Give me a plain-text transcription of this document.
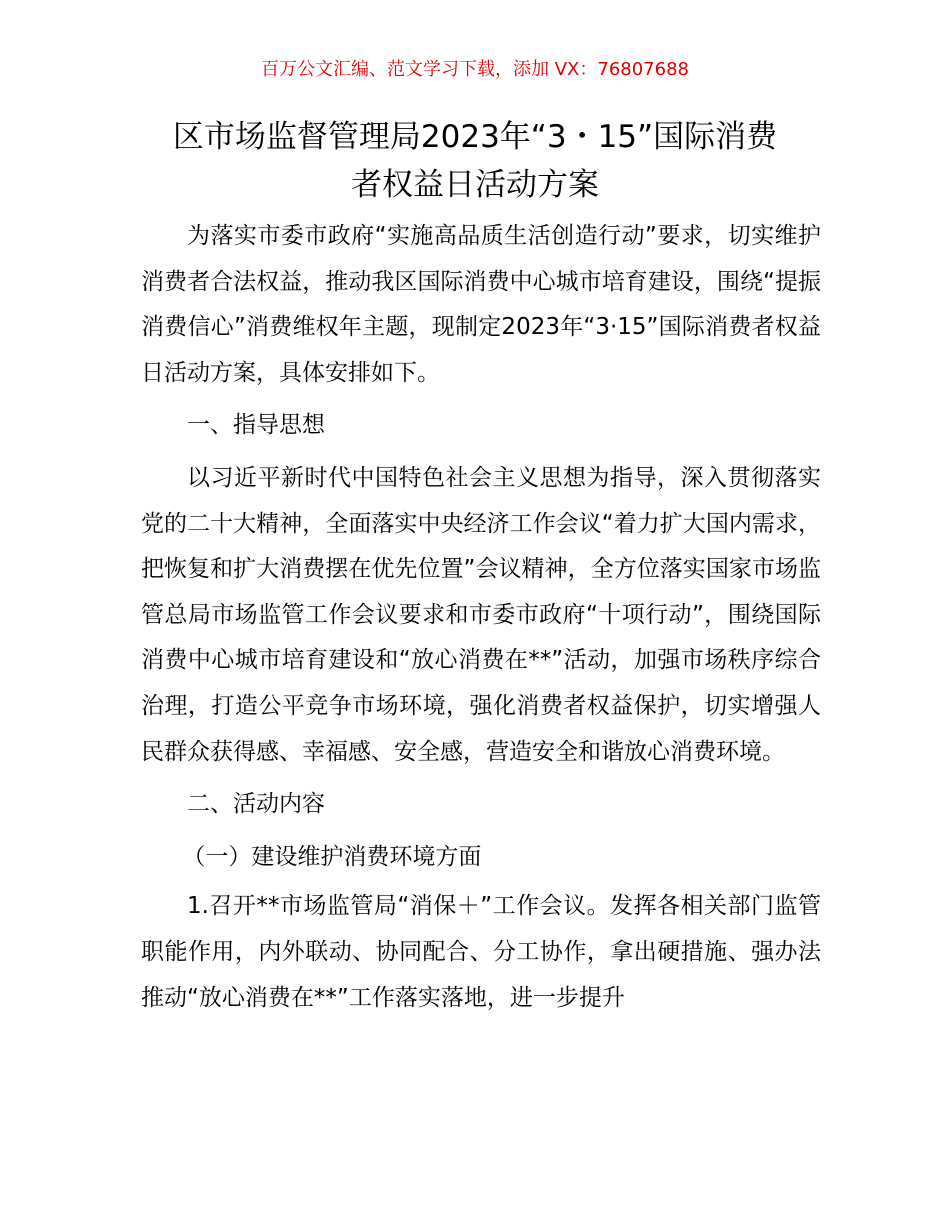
百万公文汇编、范文学习下载，添加 VX：76807688
区市场监督管理局2023年“3・15”国际消费
者权益日活动方案

为落实市委市政府“实施高品质生活创造行动”要求，切实维护消费者合法权益，推动我区国际消费中心城市培育建设，围绕“提振消费信心”消费维权年主题，现制定2023年“3·15”国际消费者权益日活动方案，具体安排如下。

一、指导思想

以习近平新时代中国特色社会主义思想为指导，深入贯彻落实党的二十大精神，全面落实中央经济工作会议“着力扩大国内需求，把恢复和扩大消费摆在优先位置”会议精神，全方位落实国家市场监管总局市场监管工作会议要求和市委市政府“十项行动”，围绕国际消费中心城市培育建设和“放心消费在**”活动，加强市场秩序综合治理，打造公平竞争市场环境，强化消费者权益保护，切实增强人民群众获得感、幸福感、安全感，营造安全和谐放心消费环境。

二、活动内容

（一）建设维护消费环境方面

1.召开**市场监管局“消保＋”工作会议。发挥各相关部门监管职能作用，内外联动、协同配合、分工协作，拿出硬措施、强办法推动“放心消费在**”工作落实落地，进一步提升
